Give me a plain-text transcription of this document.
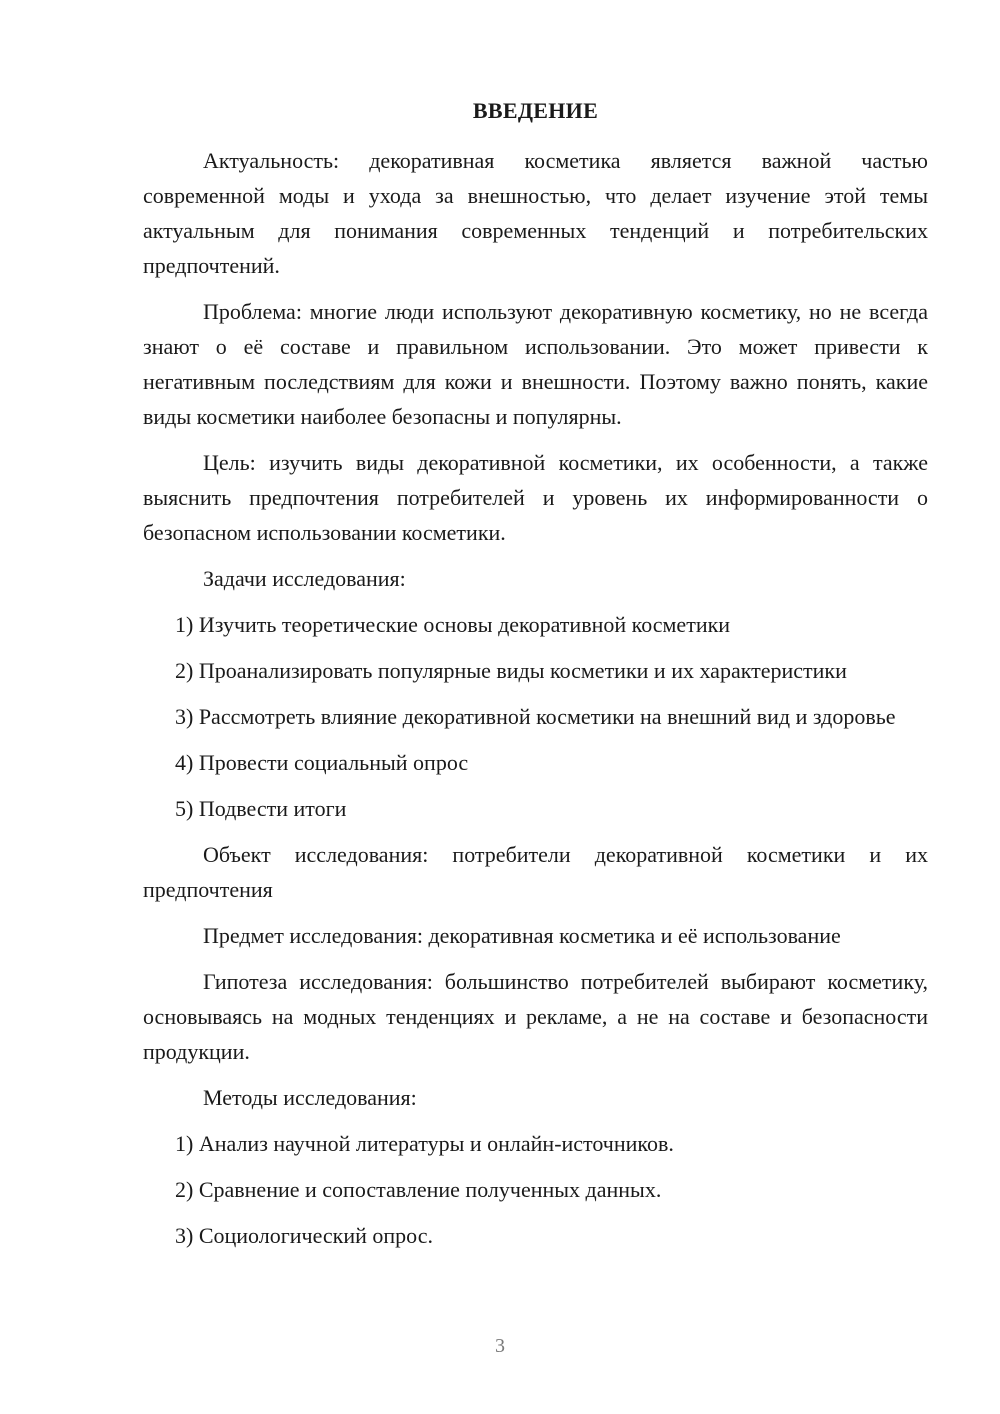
ВВЕДЕНИЕ

Актуальность: декоративная косметика является важной частью современной моды и ухода за внешностью, что делает изучение этой темы актуальным для понимания современных тенденций и потребительских предпочтений.

Проблема: многие люди используют декоративную косметику, но не всегда знают о её составе и правильном использовании. Это может привести к негативным последствиям для кожи и внешности. Поэтому важно понять, какие виды косметики наиболее безопасны и популярны.

Цель: изучить виды декоративной косметики, их особенности, а также выяснить предпочтения потребителей и уровень их информированности о безопасном использовании косметики.

Задачи исследования:

1) Изучить теоретические основы декоративной косметики

2) Проанализировать популярные виды косметики и их характеристики

3) Рассмотреть влияние декоративной косметики на внешний вид и здоровье

4) Провести социальный опрос

5) Подвести итоги

Объект исследования: потребители декоративной косметики и их предпочтения

Предмет исследования: декоративная косметика и её использование

Гипотеза исследования: большинство потребителей выбирают косметику, основываясь на модных тенденциях и рекламе, а не на составе и безопасности продукции.

Методы исследования:

1) Анализ научной литературы и онлайн-источников.

2) Сравнение и сопоставление полученных данных.

3) Социологический опрос.

3
